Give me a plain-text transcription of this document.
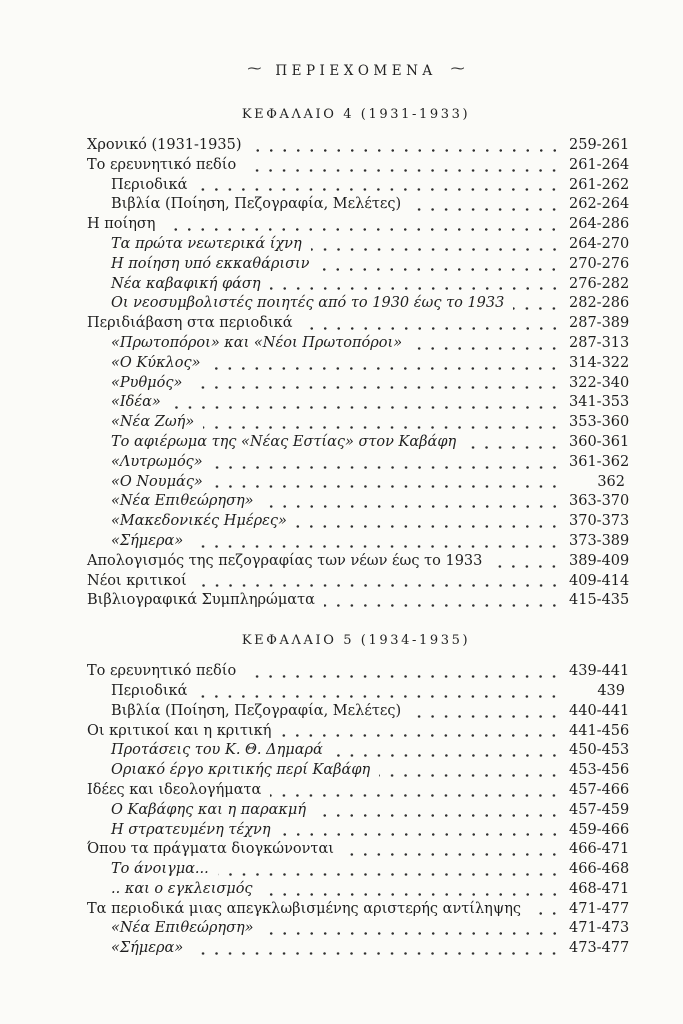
⁓ ΠΕΡΙΕΧΟΜΕΝΑ ⁓
ΚΕΦΑΛΑΙΟ 4 (1931-1933)
Χρονικό (1931-1935)	259-261
Το ερευνητικό πεδίο	261-264
Περιοδικά	261-262
Βιβλία (Ποίηση, Πεζογραφία, Μελέτες)	262-264
Η ποίηση	264-286
Τα πρώτα νεωτερικά ίχνη	264-270
Η ποίηση υπό εκκαθάρισιν	270-276
Νέα καβαφική φάση	276-282
Οι νεοσυμβολιστές ποιητές από το 1930 έως το 1933	282-286
Περιδιάβαση στα περιοδικά	287-389
«Πρωτοπόροι» και «Νέοι Πρωτοπόροι»	287-313
«Ο Κύκλος»	314-322
«Ρυθμός»	322-340
«Ιδέα»	341-353
«Νέα Ζωή»	353-360
Το αφιέρωμα της «Νέας Εστίας» στον Καβάφη	360-361
«Λυτρωμός»	361-362
«Ο Νουμάς»	362
«Νέα Επιθεώρηση»	363-370
«Μακεδονικές Ημέρες»	370-373
«Σήμερα»	373-389
Απολογισμός της πεζογραφίας των νέων έως το 1933	389-409
Νέοι κριτικοί	409-414
Βιβλιογραφικά Συμπληρώματα	415-435
ΚΕΦΑΛΑΙΟ 5 (1934-1935)
Το ερευνητικό πεδίο	439-441
Περιοδικά	439
Βιβλία (Ποίηση, Πεζογραφία, Μελέτες)	440-441
Οι κριτικοί και η κριτική	441-456
Προτάσεις του Κ. Θ. Δημαρά	450-453
Οριακό έργο κριτικής περί Καβάφη	453-456
Ιδέες και ιδεολογήματα	457-466
Ο Καβάφης και η παρακμή	457-459
Η στρατευμένη τέχνη	459-466
Όπου τα πράγματα διογκώνονται	466-471
Το άνοιγμα...	466-468
.. και ο εγκλεισμός	468-471
Τα περιοδικά μιας απεγκλωβισμένης αριστερής αντίληψης	471-477
«Νέα Επιθεώρηση»	471-473
«Σήμερα»	473-477
